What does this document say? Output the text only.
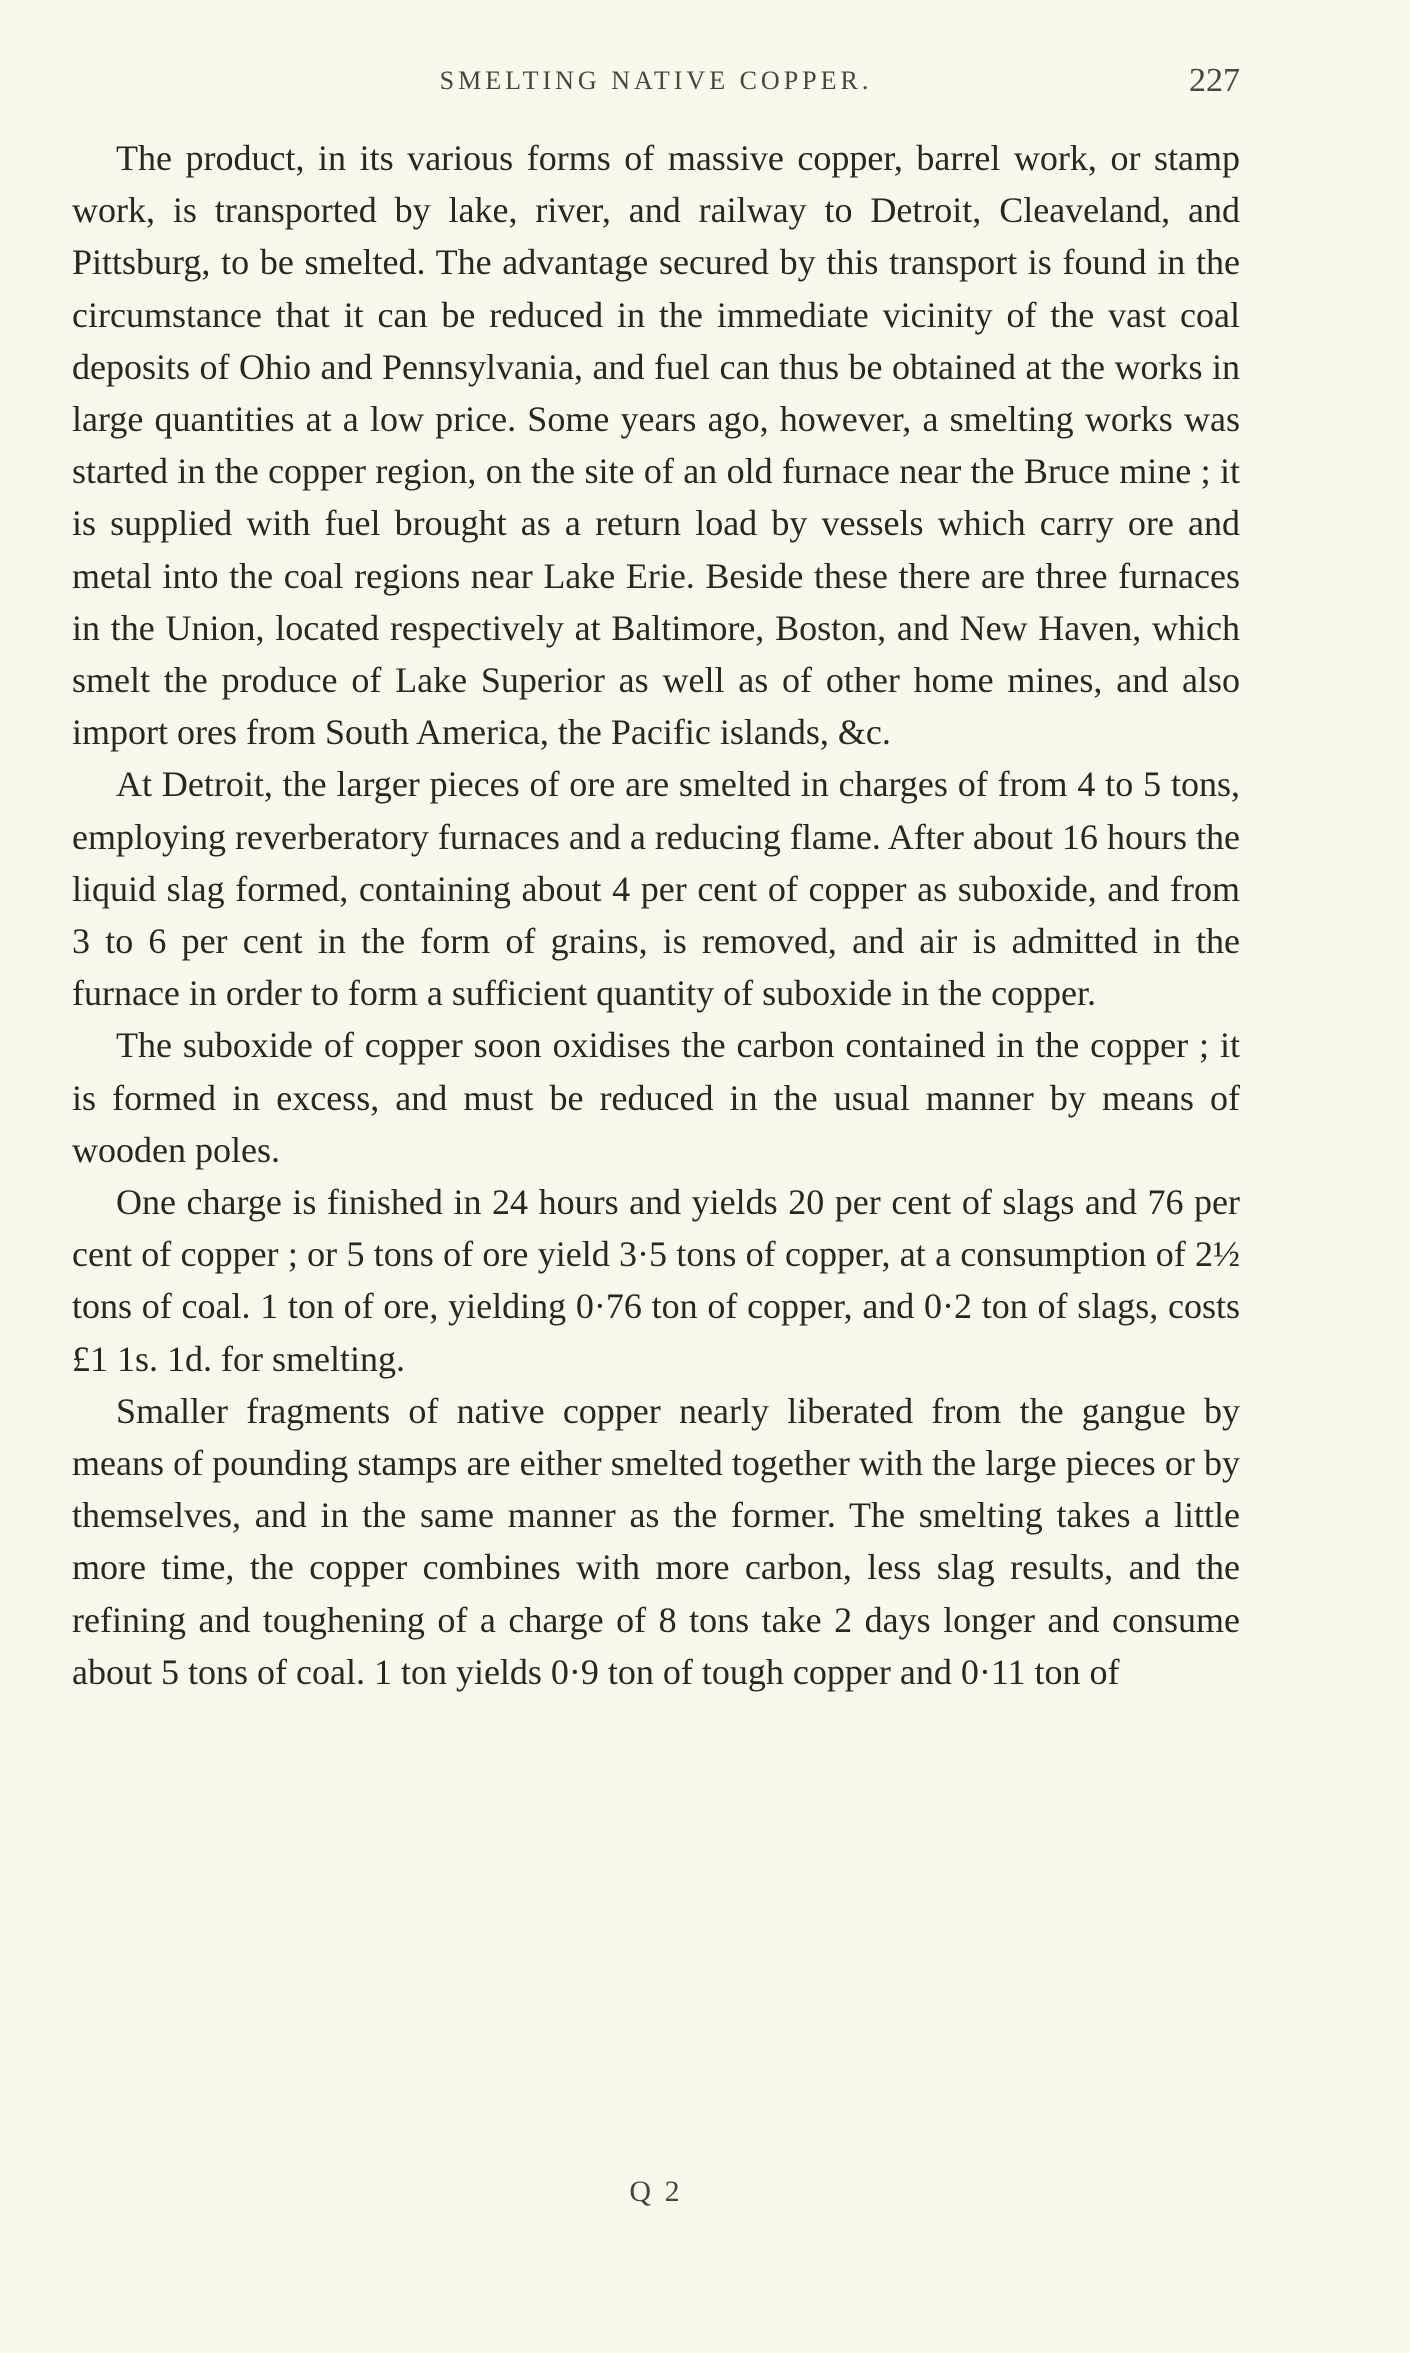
SMELTING NATIVE COPPER.	227

The product, in its various forms of massive copper, barrel work, or stamp work, is transported by lake, river, and railway to Detroit, Cleaveland, and Pittsburg, to be smelted. The advantage secured by this transport is found in the circumstance that it can be reduced in the immediate vicinity of the vast coal deposits of Ohio and Pennsylvania, and fuel can thus be obtained at the works in large quantities at a low price. Some years ago, however, a smelting works was started in the copper region, on the site of an old furnace near the Bruce mine ; it is supplied with fuel brought as a return load by vessels which carry ore and metal into the coal regions near Lake Erie. Beside these there are three furnaces in the Union, located respectively at Baltimore, Boston, and New Haven, which smelt the produce of Lake Superior as well as of other home mines, and also import ores from South America, the Pacific islands, &c.

At Detroit, the larger pieces of ore are smelted in charges of from 4 to 5 tons, employing reverberatory furnaces and a reducing flame. After about 16 hours the liquid slag formed, containing about 4 per cent of copper as suboxide, and from 3 to 6 per cent in the form of grains, is removed, and air is admitted in the furnace in order to form a sufficient quantity of suboxide in the copper.

The suboxide of copper soon oxidises the carbon contained in the copper ; it is formed in excess, and must be reduced in the usual manner by means of wooden poles.

One charge is finished in 24 hours and yields 20 per cent of slags and 76 per cent of copper ; or 5 tons of ore yield 3·5 tons of copper, at a consumption of 2½ tons of coal. 1 ton of ore, yielding 0·76 ton of copper, and 0·2 ton of slags, costs £1 1s. 1d. for smelting.

Smaller fragments of native copper nearly liberated from the gangue by means of pounding stamps are either smelted together with the large pieces or by themselves, and in the same manner as the former. The smelting takes a little more time, the copper combines with more carbon, less slag results, and the refining and toughening of a charge of 8 tons take 2 days longer and consume about 5 tons of coal. 1 ton yields 0·9 ton of tough copper and 0·11 ton of

Q 2
